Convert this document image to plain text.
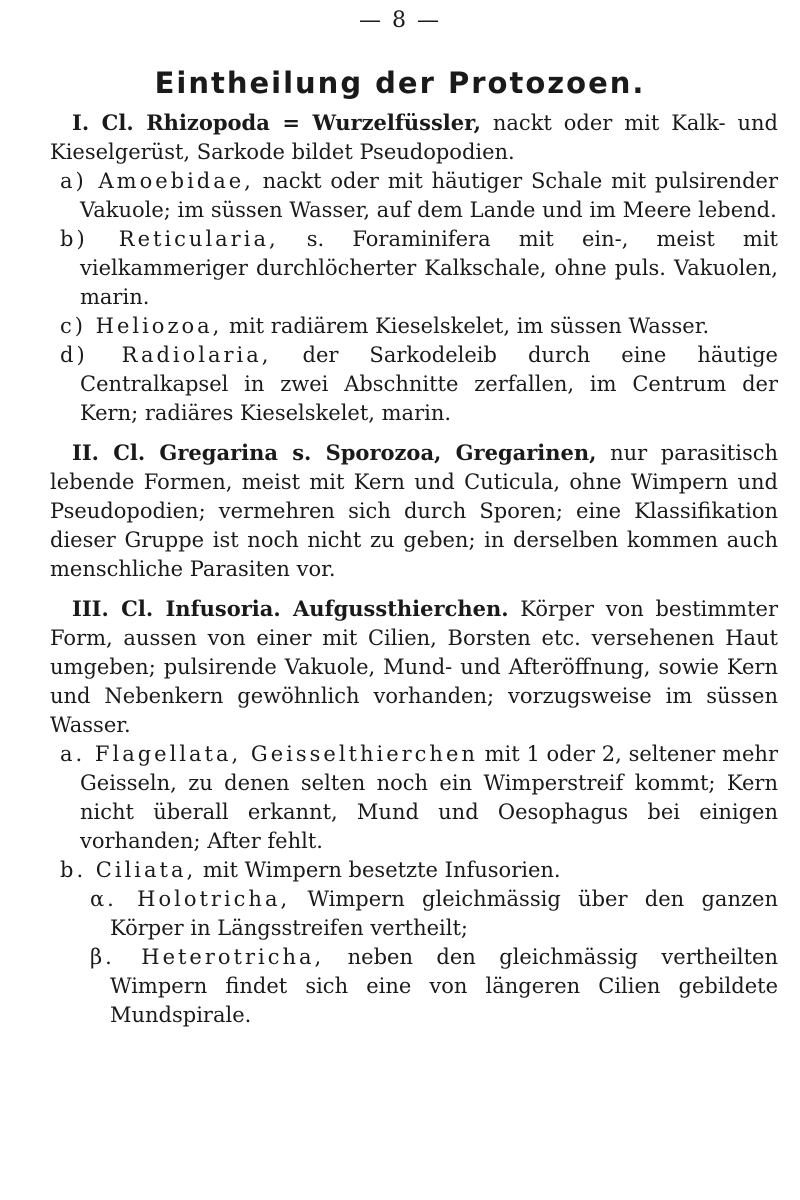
— 8 —
Eintheilung der Protozoen.

I. Cl. Rhizopoda = Wurzelfüssler, nackt oder mit Kalk- und Kieselgerüst, Sarkode bildet Pseudopodien.

a) Amoebidae, nackt oder mit häutiger Schale mit pulsirender Vakuole; im süssen Wasser, auf dem Lande und im Meere lebend.

b) Reticularia, s. Foraminifera mit ein-, meist mit vielkammeriger durchlöcherter Kalkschale, ohne puls. Vakuolen, marin.

c) Heliozoa, mit radiärem Kieselskelet, im süssen Wasser.

d) Radiolaria, der Sarkodeleib durch eine häutige Centralkapsel in zwei Abschnitte zerfallen, im Centrum der Kern; radiäres Kieselskelet, marin.

II. Cl. Gregarina s. Sporozoa, Gregarinen, nur parasitisch lebende Formen, meist mit Kern und Cuticula, ohne Wimpern und Pseudopodien; vermehren sich durch Sporen; eine Klassifikation dieser Gruppe ist noch nicht zu geben; in derselben kommen auch menschliche Parasiten vor.

III. Cl. Infusoria. Aufgussthierchen. Körper von bestimmter Form, aussen von einer mit Cilien, Borsten etc. versehenen Haut umgeben; pulsirende Vakuole, Mund- und Afteröffnung, sowie Kern und Nebenkern gewöhnlich vorhanden; vorzugsweise im süssen Wasser.

a. Flagellata, Geisselthierchen mit 1 oder 2, seltener mehr Geisseln, zu denen selten noch ein Wimperstreif kommt; Kern nicht überall erkannt, Mund und Oesophagus bei einigen vorhanden; After fehlt.

b. Ciliata, mit Wimpern besetzte Infusorien.

α. Holotricha, Wimpern gleichmässig über den ganzen Körper in Längsstreifen vertheilt;

β. Heterotricha, neben den gleichmässig vertheilten Wimpern findet sich eine von längeren Cilien gebildete Mundspirale.
